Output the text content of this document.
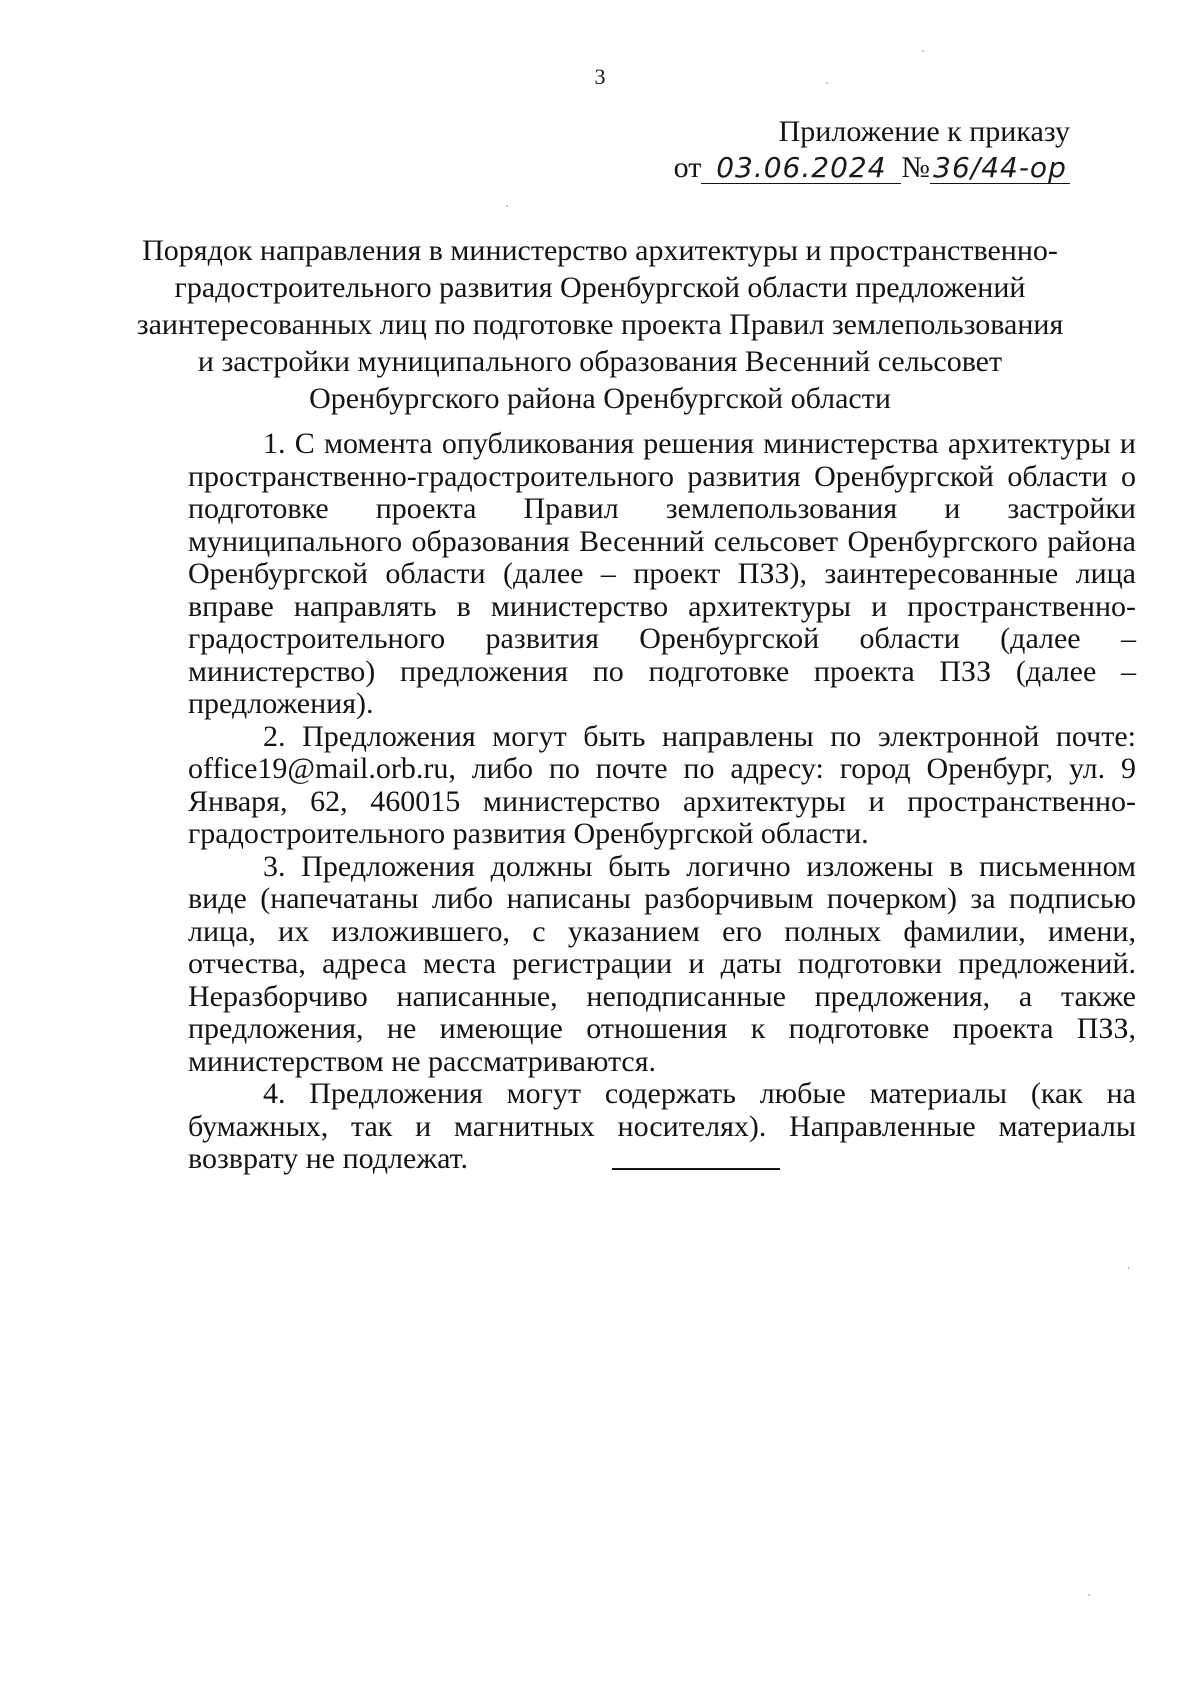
3
Приложение к приказу
от 03.06.2024 № 36/44-ор
Порядок направления в министерство архитектуры и пространственно-
градостроительного развития Оренбургской области предложений
заинтересованных лиц по подготовке проекта Правил землепользования
и застройки муниципального образования Весенний сельсовет
Оренбургского района Оренбургской области

1. С момента опубликования решения министерства архитектуры и пространственно-градостроительного развития Оренбургской области о подготовке проекта Правил землепользования и застройки муниципального образования Весенний сельсовет Оренбургского района Оренбургской области (далее – проект ПЗЗ), заинтересованные лица вправе направлять в министерство архитектуры и пространственно-градостроительного развития Оренбургской области (далее – министерство) предложения по подготовке проекта ПЗЗ (далее – предложения).

2. Предложения могут быть направлены по электронной почте: office19@mail.orb.ru, либо по почте по адресу: город Оренбург, ул. 9 Января, 62, 460015 министерство архитектуры и пространственно-градостроительного развития Оренбургской области.

3. Предложения должны быть логично изложены в письменном виде (напечатаны либо написаны разборчивым почерком) за подписью лица, их изложившего, с указанием его полных фамилии, имени, отчества, адреса места регистрации и даты подготовки предложений. Неразборчиво написанные, неподписанные предложения, а также предложения, не имеющие отношения к подготовке проекта ПЗЗ, министерством не рассматриваются.

4. Предложения могут содержать любые материалы (как на бумажных, так и магнитных носителях). Направленные материалы возврату не подлежат.
